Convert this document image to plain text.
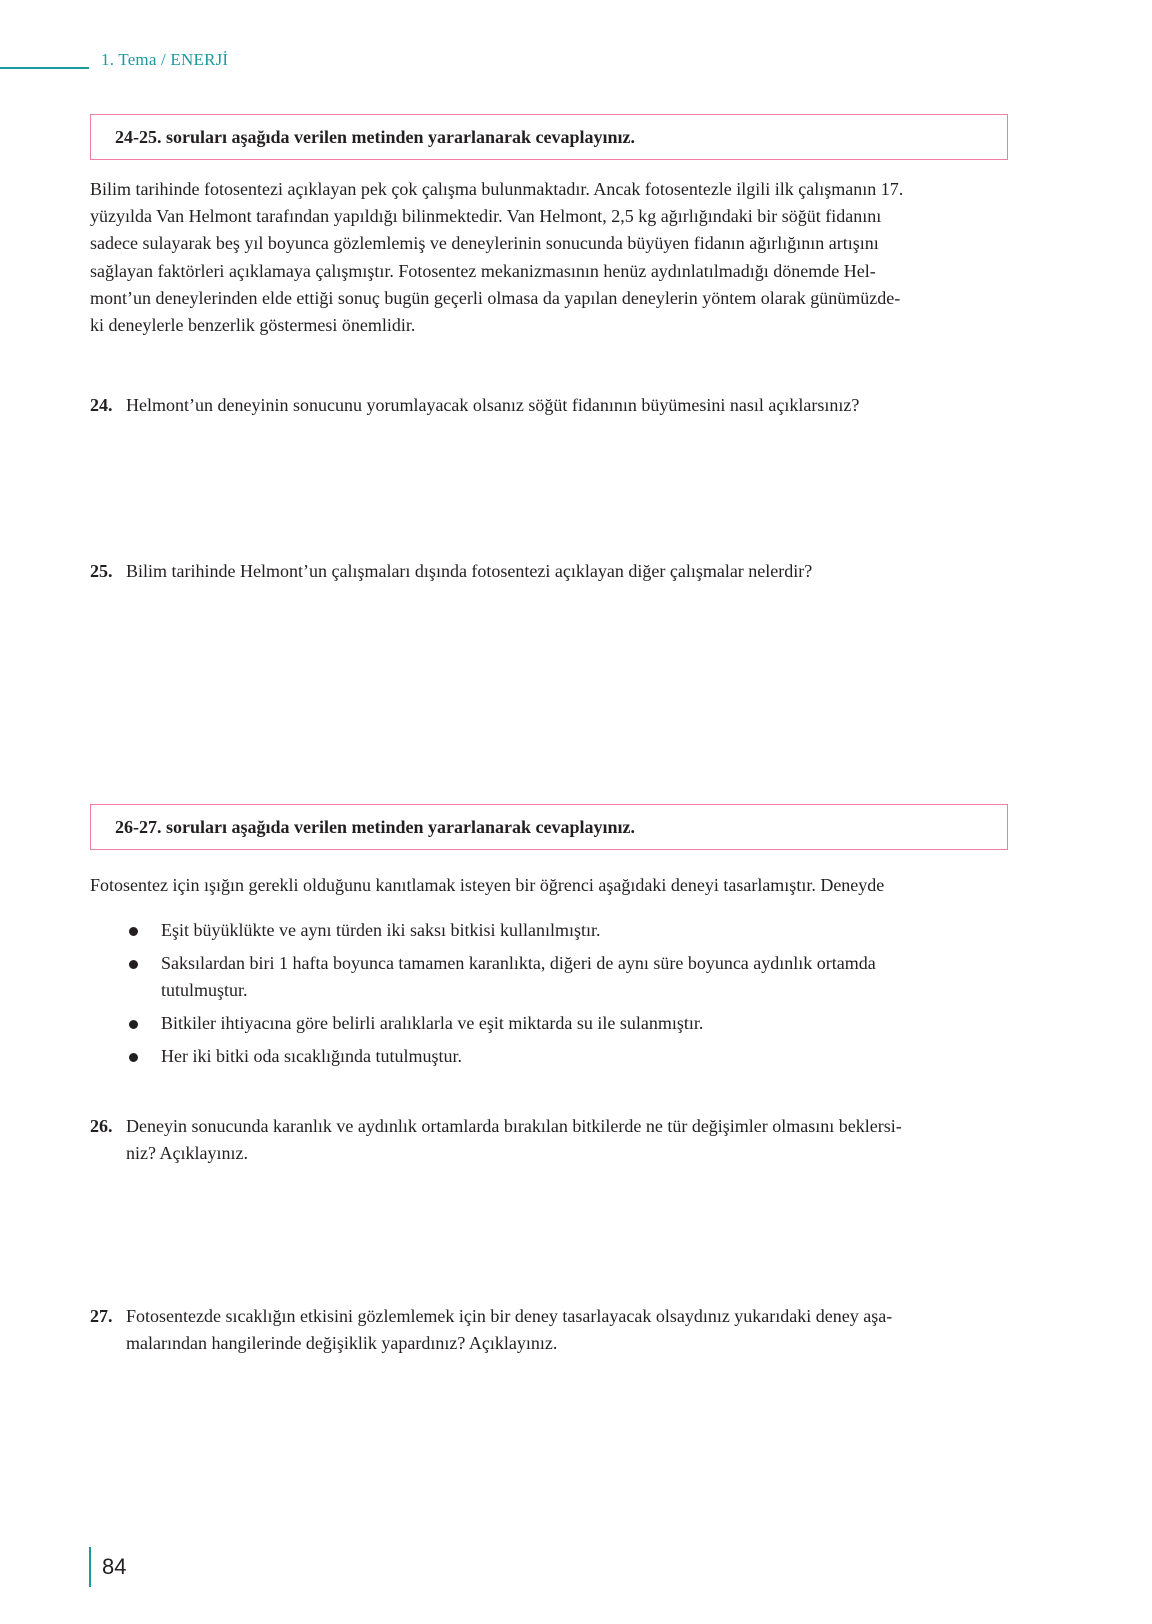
1. Tema / ENERJİ
24-25. soruları aşağıda verilen metinden yararlanarak cevaplayınız.
Bilim tarihinde fotosentezi açıklayan pek çok çalışma bulunmaktadır. Ancak fotosentezle ilgili ilk çalışmanın 17.
yüzyılda Van Helmont tarafından yapıldığı bilinmektedir. Van Helmont, 2,5 kg ağırlığındaki bir söğüt fidanını
sadece sulayarak beş yıl boyunca gözlemlemiş ve deneylerinin sonucunda büyüyen fidanın ağırlığının artışını
sağlayan faktörleri açıklamaya çalışmıştır. Fotosentez mekanizmasının henüz aydınlatılmadığı dönemde Hel-
mont’un deneylerinden elde ettiği sonuç bugün geçerli olmasa da yapılan deneylerin yöntem olarak günümüzde-
ki deneylerle benzerlik göstermesi önemlidir.
24. Helmont’un deneyinin sonucunu yorumlayacak olsanız söğüt fidanının büyümesini nasıl açıklarsınız?
25. Bilim tarihinde Helmont’un çalışmaları dışında fotosentezi açıklayan diğer çalışmalar nelerdir?
26-27. soruları aşağıda verilen metinden yararlanarak cevaplayınız.
Fotosentez için ışığın gerekli olduğunu kanıtlamak isteyen bir öğrenci aşağıdaki deneyi tasarlamıştır. Deneyde
Eşit büyüklükte ve aynı türden iki saksı bitkisi kullanılmıştır.
Saksılardan biri 1 hafta boyunca tamamen karanlıkta, diğeri de aynı süre boyunca aydınlık ortamda
tutulmuştur.
Bitkiler ihtiyacına göre belirli aralıklarla ve eşit miktarda su ile sulanmıştır.
Her iki bitki oda sıcaklığında tutulmuştur.
26. Deneyin sonucunda karanlık ve aydınlık ortamlarda bırakılan bitkilerde ne tür değişimler olmasını beklersi-
niz? Açıklayınız.
27. Fotosentezde sıcaklığın etkisini gözlemlemek için bir deney tasarlayacak olsaydınız yukarıdaki deney aşa-
malarından hangilerinde değişiklik yapardınız? Açıklayınız.
84
